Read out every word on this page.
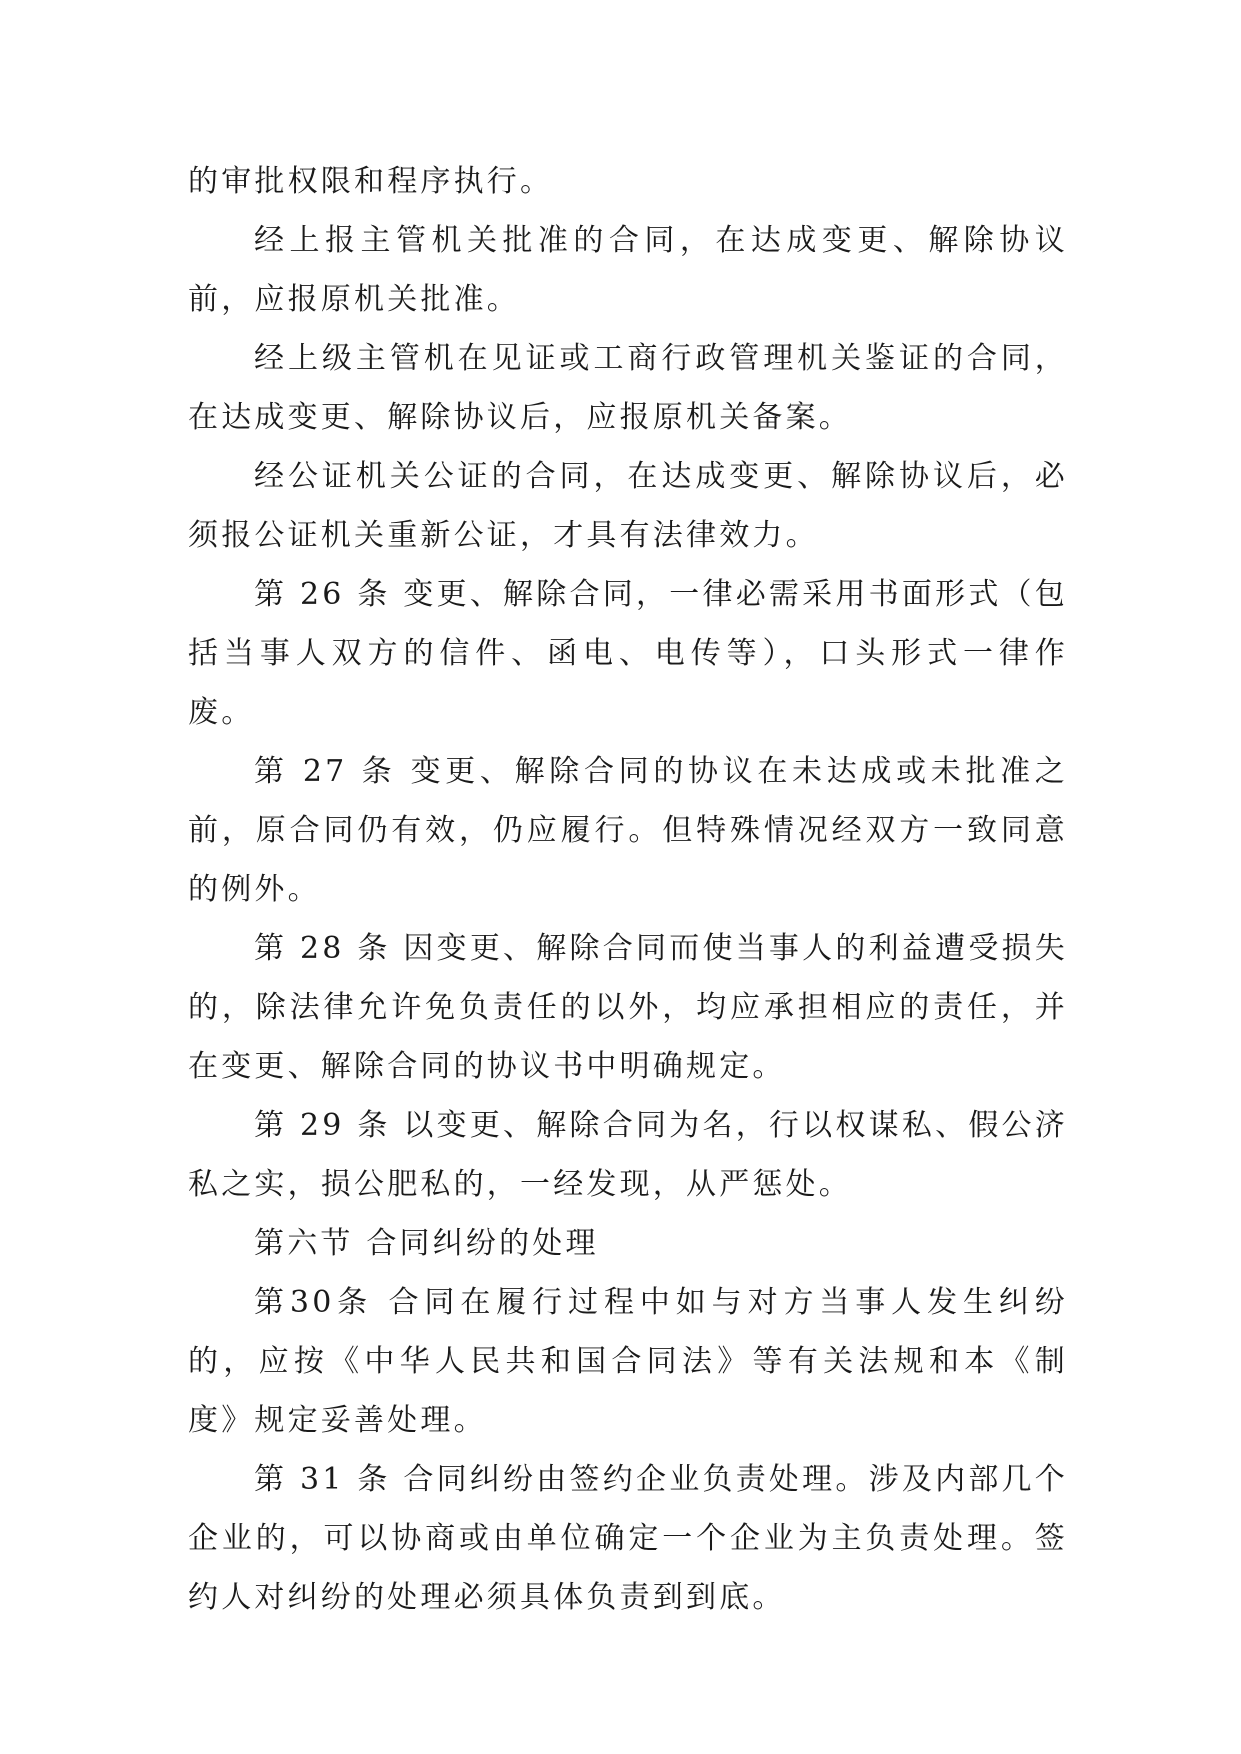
的审批权限和程序执行。

经上报主管机关批准的合同，在达成变更、解除协议前，应报原机关批准。

经上级主管机在见证或工商行政管理机关鉴证的合同，在达成变更、解除协议后，应报原机关备案。

经公证机关公证的合同，在达成变更、解除协议后，必须报公证机关重新公证，才具有法律效力。

第 26 条 变更、解除合同，一律必需采用书面形式（包括当事人双方的信件、函电、电传等），口头形式一律作废。

第 27 条 变更、解除合同的协议在未达成或未批准之前，原合同仍有效，仍应履行。但特殊情况经双方一致同意的例外。

第 28 条 因变更、解除合同而使当事人的利益遭受损失的，除法律允许免负责任的以外，均应承担相应的责任，并在变更、解除合同的协议书中明确规定。

第 29 条 以变更、解除合同为名，行以权谋私、假公济私之实，损公肥私的，一经发现，从严惩处。

第六节 合同纠纷的处理

第30条 合同在履行过程中如与对方当事人发生纠纷的，应按《中华人民共和国合同法》等有关法规和本《制度》规定妥善处理。

第 31 条 合同纠纷由签约企业负责处理。涉及内部几个企业的，可以协商或由单位确定一个企业为主负责处理。签约人对纠纷的处理必须具体负责到到底。
